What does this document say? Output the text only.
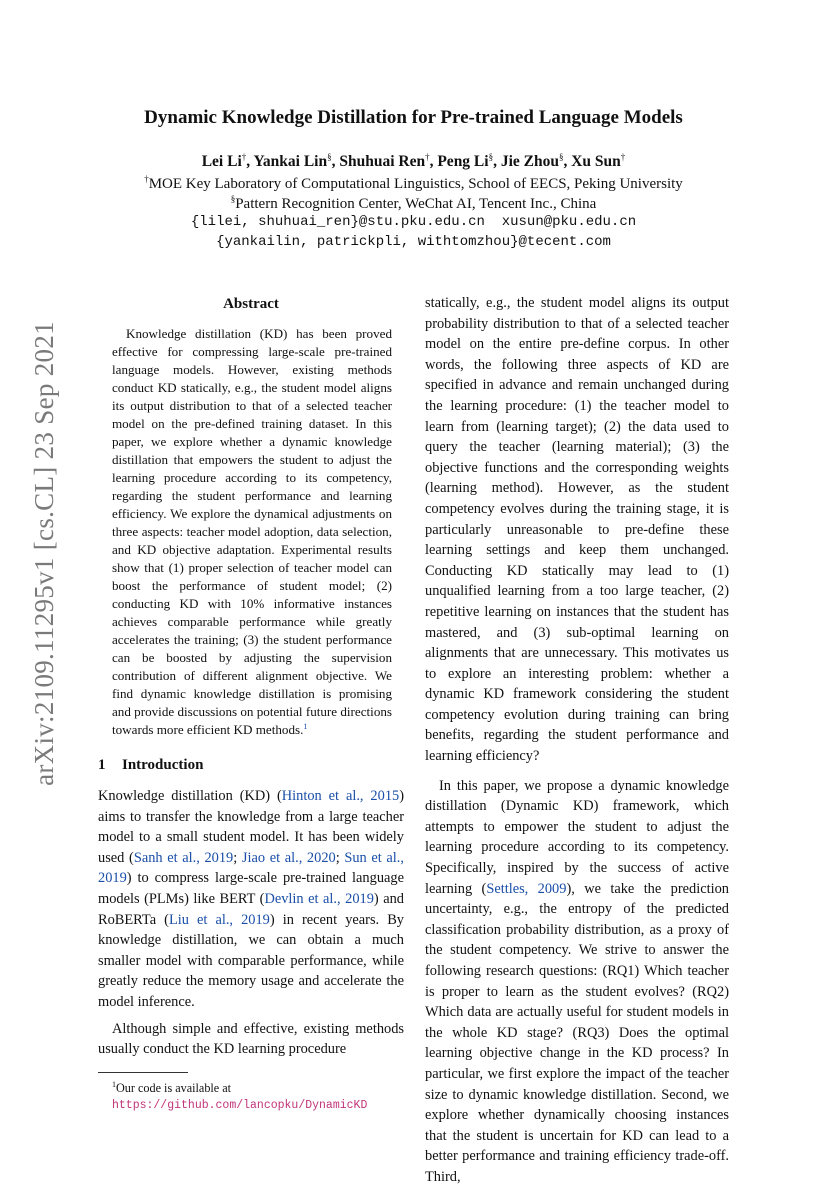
arXiv:2109.11295v1 [cs.CL] 23 Sep 2021
Dynamic Knowledge Distillation for Pre-trained Language Models
Lei Li†, Yankai Lin§, Shuhuai Ren†, Peng Li§, Jie Zhou§, Xu Sun†
†MOE Key Laboratory of Computational Linguistics, School of EECS, Peking University
§Pattern Recognition Center, WeChat AI, Tencent Inc., China
{lilei, shuhuai_ren}@stu.pku.edu.cn  xusun@pku.edu.cn
{yankailin, patrickpli, withtomzhou}@tecent.com
Abstract
Knowledge distillation (KD) has been proved effective for compressing large-scale pre-trained language models. However, existing methods conduct KD statically, e.g., the student model aligns its output distribution to that of a selected teacher model on the pre-defined training dataset. In this paper, we explore whether a dynamic knowledge distillation that empowers the student to adjust the learning procedure according to its competency, regarding the student performance and learning efficiency. We explore the dynamical adjustments on three aspects: teacher model adoption, data selection, and KD objective adaptation. Experimental results show that (1) proper selection of teacher model can boost the performance of student model; (2) conducting KD with 10% informative instances achieves comparable performance while greatly accelerates the training; (3) the student performance can be boosted by adjusting the supervision contribution of different alignment objective. We find dynamic knowledge distillation is promising and provide discussions on potential future directions towards more efficient KD methods.$^1$
1 Introduction

Knowledge distillation (KD) (Hinton et al., 2015) aims to transfer the knowledge from a large teacher model to a small student model. It has been widely used (Sanh et al., 2019; Jiao et al., 2020; Sun et al., 2019) to compress large-scale pre-trained language models (PLMs) like BERT (Devlin et al., 2019) and RoBERTa (Liu et al., 2019) in recent years. By knowledge distillation, we can obtain a much smaller model with comparable performance, while greatly reduce the memory usage and accelerate the model inference.

Although simple and effective, existing methods usually conduct the KD learning procedure

$^1$Our code is available at https://github.com/lancopku/DynamicKD

statically, e.g., the student model aligns its output probability distribution to that of a selected teacher model on the entire pre-define corpus. In other words, the following three aspects of KD are specified in advance and remain unchanged during the learning procedure: (1) the teacher model to learn from (learning target); (2) the data used to query the teacher (learning material); (3) the objective functions and the corresponding weights (learning method). However, as the student competency evolves during the training stage, it is particularly unreasonable to pre-define these learning settings and keep them unchanged. Conducting KD statically may lead to (1) unqualified learning from a too large teacher, (2) repetitive learning on instances that the student has mastered, and (3) sub-optimal learning on alignments that are unnecessary. This motivates us to explore an interesting problem: whether a dynamic KD framework considering the student competency evolution during training can bring benefits, regarding the student performance and learning efficiency?

In this paper, we propose a dynamic knowledge distillation (Dynamic KD) framework, which attempts to empower the student to adjust the learning procedure according to its competency. Specifically, inspired by the success of active learning (Settles, 2009), we take the prediction uncertainty, e.g., the entropy of the predicted classification probability distribution, as a proxy of the student competency. We strive to answer the following research questions: (RQ1) Which teacher is proper to learn as the student evolves? (RQ2) Which data are actually useful for student models in the whole KD stage? (RQ3) Does the optimal learning objective change in the KD process? In particular, we first explore the impact of the teacher size to dynamic knowledge distillation. Second, we explore whether dynamically choosing instances that the student is uncertain for KD can lead to a better performance and training efficiency trade-off. Third,
